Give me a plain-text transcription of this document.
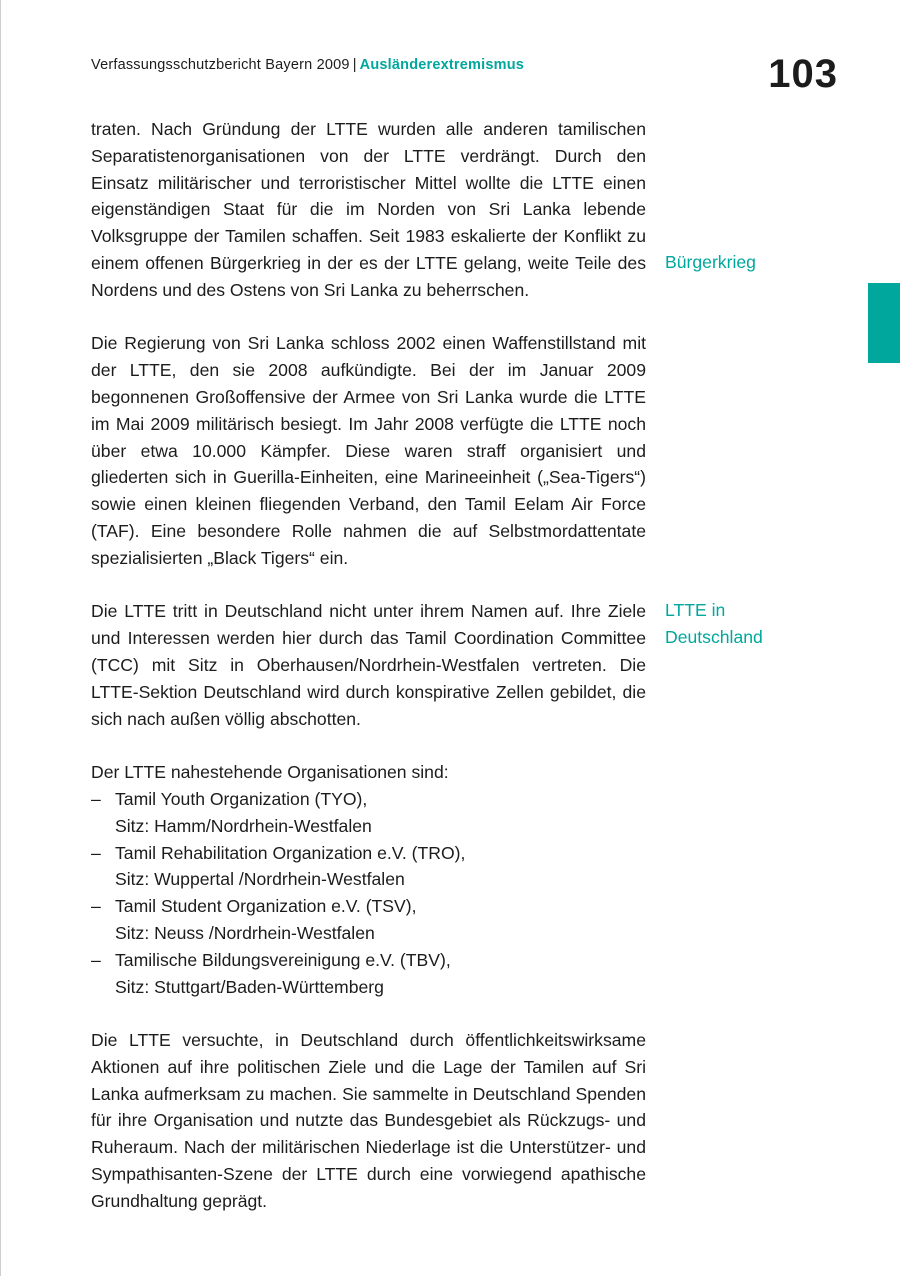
Verfassungsschutzbericht Bayern 2009 | Ausländerextremismus	103
Bürgerkrieg
LTTE in
Deutschland

traten. Nach Gründung der LTTE wurden alle anderen tamilischen Separatistenorganisationen von der LTTE verdrängt. Durch den Einsatz militärischer und terroristischer Mittel wollte die LTTE einen eigenständigen Staat für die im Norden von Sri Lanka lebende Volksgruppe der Tamilen schaffen. Seit 1983 eskalierte der Konflikt zu einem offenen Bürgerkrieg in der es der LTTE gelang, weite Teile des Nordens und des Ostens von Sri Lanka zu beherrschen.

Die Regierung von Sri Lanka schloss 2002 einen Waffenstillstand mit der LTTE, den sie 2008 aufkündigte. Bei der im Januar 2009 begonnenen Großoffensive der Armee von Sri Lanka wurde die LTTE im Mai 2009 militärisch besiegt. Im Jahr 2008 verfügte die LTTE noch über etwa 10.000 Kämpfer. Diese waren straff organisiert und gliederten sich in Guerilla-Einheiten, eine Marineeinheit („Sea-Tigers“) sowie einen kleinen fliegenden Verband, den Tamil Eelam Air Force (TAF). Eine besondere Rolle nahmen die auf Selbstmordattentate spezialisierten „Black Tigers“ ein.

Die LTTE tritt in Deutschland nicht unter ihrem Namen auf. Ihre Ziele und Interessen werden hier durch das Tamil Coordination Committee (TCC) mit Sitz in Oberhausen/Nordrhein-Westfalen vertreten. Die LTTE-Sektion Deutschland wird durch konspirative Zellen gebildet, die sich nach außen völlig abschotten.

Der LTTE nahestehende Organisationen sind:

– Tamil Youth Organization (TYO),
Sitz: Hamm/Nordrhein-Westfalen
– Tamil Rehabilitation Organization e.V. (TRO),
Sitz: Wuppertal /Nordrhein-Westfalen
– Tamil Student Organization e.V. (TSV),
Sitz: Neuss /Nordrhein-Westfalen
– Tamilische Bildungsvereinigung e.V. (TBV),
Sitz: Stuttgart/Baden-Württemberg

Die LTTE versuchte, in Deutschland durch öffentlichkeitswirksame Aktionen auf ihre politischen Ziele und die Lage der Tamilen auf Sri Lanka aufmerksam zu machen. Sie sammelte in Deutschland Spenden für ihre Organisation und nutzte das Bundesgebiet als Rückzugs- und Ruheraum. Nach der militärischen Niederlage ist die Unterstützer- und Sympathisanten-Szene der LTTE durch eine vorwiegend apathische Grundhaltung geprägt.
